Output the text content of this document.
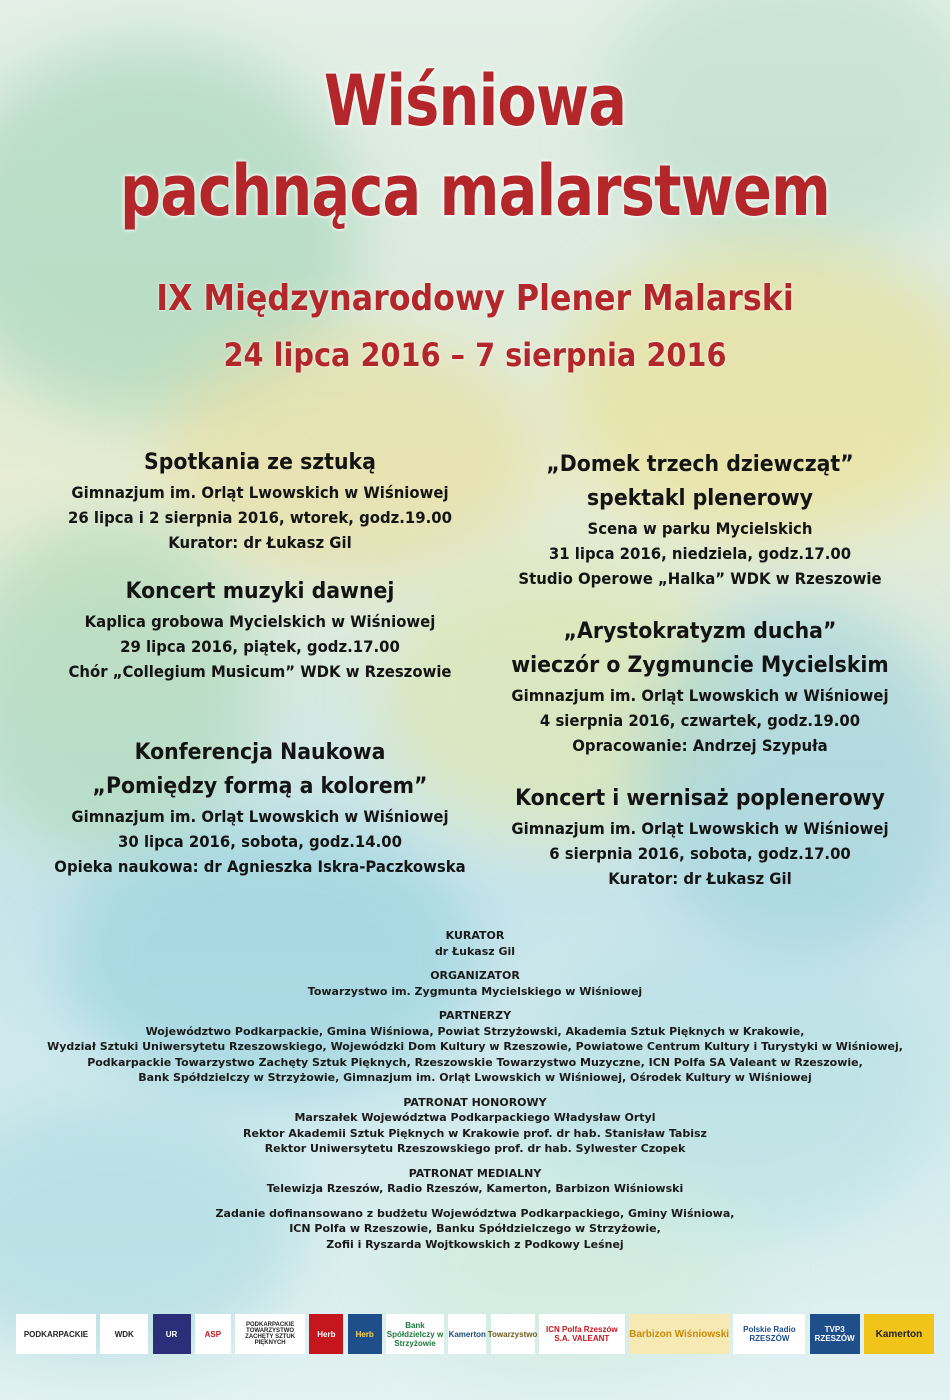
Wiśniowa
pachnąca malarstwem
IX Międzynarodowy Plener Malarski
24 lipca 2016 – 7 sierpnia 2016
Spotkania ze sztuką
Gimnazjum im. Orląt Lwowskich w Wiśniowej
26 lipca i 2 sierpnia 2016, wtorek, godz.19.00
Kurator: dr Łukasz Gil
Koncert muzyki dawnej
Kaplica grobowa Mycielskich w Wiśniowej
29 lipca 2016, piątek, godz.17.00
Chór „Collegium Musicum” WDK w Rzeszowie
Konferencja Naukowa
„Pomiędzy formą a kolorem”
Gimnazjum im. Orląt Lwowskich w Wiśniowej
30 lipca 2016, sobota, godz.14.00
Opieka naukowa: dr Agnieszka Iskra-Paczkowska
„Domek trzech dziewcząt”
spektakl plenerowy
Scena w parku Mycielskich
31 lipca 2016, niedziela, godz.17.00
Studio Operowe „Halka” WDK w Rzeszowie
„Arystokratyzm ducha”
wieczór o Zygmuncie Mycielskim
Gimnazjum im. Orląt Lwowskich w Wiśniowej
4 sierpnia 2016, czwartek, godz.19.00
Opracowanie: Andrzej Szypuła
Koncert i wernisaż poplenerowy
Gimnazjum im. Orląt Lwowskich w Wiśniowej
6 sierpnia 2016, sobota, godz.17.00
Kurator: dr Łukasz Gil
KURATOR
dr Łukasz Gil
ORGANIZATOR
Towarzystwo im. Zygmunta Mycielskiego w Wiśniowej
PARTNERZY
Województwo Podkarpackie, Gmina Wiśniowa, Powiat Strzyżowski, Akademia Sztuk Pięknych w Krakowie,
Wydział Sztuki Uniwersytetu Rzeszowskiego, Wojewódzki Dom Kultury w Rzeszowie, Powiatowe Centrum Kultury i Turystyki w Wiśniowej,
Podkarpackie Towarzystwo Zachęty Sztuk Pięknych, Rzeszowskie Towarzystwo Muzyczne, ICN Polfa SA Valeant w Rzeszowie,
Bank Spółdzielczy w Strzyżowie, Gimnazjum im. Orląt Lwowskich w Wiśniowej, Ośrodek Kultury w Wiśniowej
PATRONAT HONOROWY
Marszałek Województwa Podkarpackiego Władysław Ortyl
Rektor Akademii Sztuk Pięknych w Krakowie prof. dr hab. Stanisław Tabisz
Rektor Uniwersytetu Rzeszowskiego prof. dr hab. Sylwester Czopek
PATRONAT MEDIALNY
Telewizja Rzeszów, Radio Rzeszów, Kamerton, Barbizon Wiśniowski
Zadanie dofinansowano z budżetu Województwa Podkarpackiego, Gminy Wiśniowa,
ICN Polfa w Rzeszowie, Banku Spółdzielczego w Strzyżowie,
Zofii i Ryszarda Wojtkowskich z Podkowy Leśnej
PODKARPACKIE	WDK	UR	ASP
PODKARPACKIE TOWARZYSTWO ZACHĘTY SZTUK PIĘKNYCH
Herb	Herb
Bank Spółdzielczy w Strzyżowie
Kamerton Towarzystwo	ICN Polfa Rzeszów S.A. VALEANT	Barbizon Wiśniowski	Polskie Radio RZESZÓW
TVP3 RZESZÓW	Kamerton
